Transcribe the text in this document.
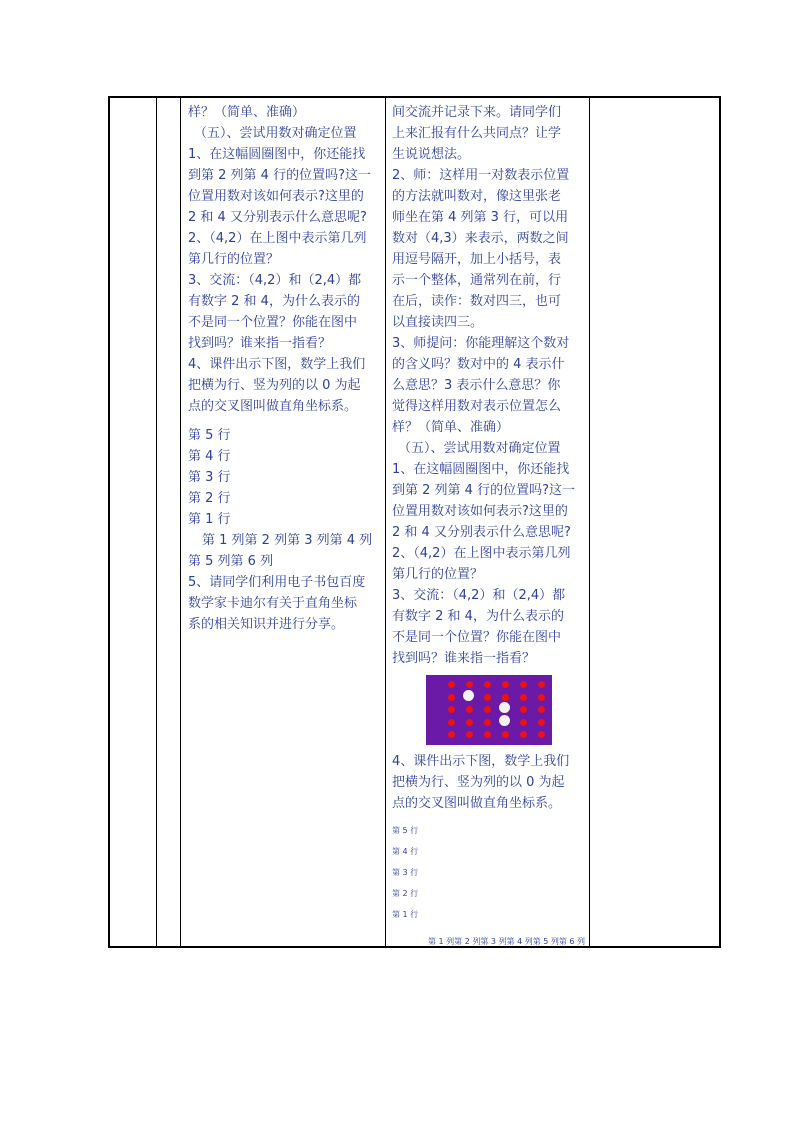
样？（简单、准确）

（五）、尝试用数对确定位置

1、在这幅圆圈图中，你还能找

到第 2 列第 4 行的位置吗?这一

位置用数对该如何表示?这里的

2 和 4 又分别表示什么意思呢?

2、（4,2）在上图中表示第几列

第几行的位置？

3、交流：（4,2）和（2,4）都

有数字 2 和 4，为什么表示的

不是同一个位置？你能在图中

找到吗？谁来指一指看？

4、课件出示下图，数学上我们

把横为行、竖为列的以 0 为起

点的交叉图叫做直角坐标系。

第 5 行

第 4 行

第 3 行

第 2 行

第 1 行

第 1 列第 2 列第 3 列第 4 列

第 5 列第 6 列

5、请同学们利用电子书包百度

数学家卡迪尔有关于直角坐标

系的相关知识并进行分享。

间交流并记录下来。请同学们

上来汇报有什么共同点？让学

生说说想法。

2、师：这样用一对数表示位置

的方法就叫数对，像这里张老

师坐在第 4 列第 3 行，可以用

数对（4,3）来表示，两数之间

用逗号隔开，加上小括号，表

示一个整体，通常列在前，行

在后，读作：数对四三，也可

以直接读四三。

3、师提问：你能理解这个数对

的含义吗？数对中的 4 表示什

么意思？3 表示什么意思？你

觉得这样用数对表示位置怎么

样？（简单、准确）

（五）、尝试用数对确定位置

1、在这幅圆圈图中，你还能找

到第 2 列第 4 行的位置吗?这一

位置用数对该如何表示?这里的

2 和 4 又分别表示什么意思呢?

2、（4,2）在上图中表示第几列

第几行的位置？

3、交流：（4,2）和（2,4）都

有数字 2 和 4，为什么表示的

不是同一个位置？你能在图中

找到吗？谁来指一指看？

4、课件出示下图，数学上我们

把横为行、竖为列的以 0 为起

点的交叉图叫做直角坐标系。

第 5 行
第 4 行
第 3 行
第 2 行
第 1 行
第 1 列第 2 列第 3 列第 4 列第 5 列第 6 列
